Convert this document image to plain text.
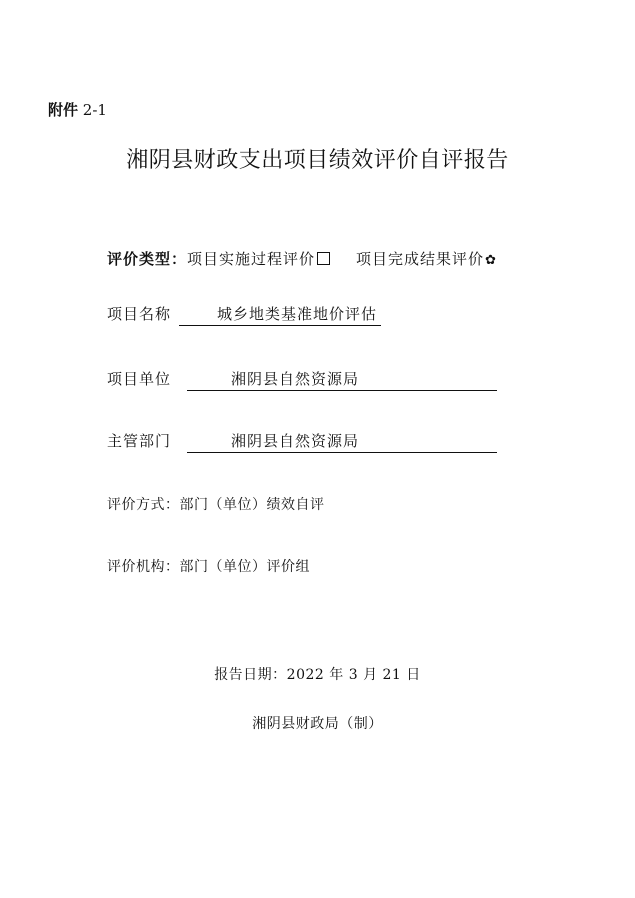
附件 2-1
湘阴县财政支出项目绩效评价自评报告
评价类型：项目实施过程评价	项目完成结果评价✿
项目名称	城乡地类基准地价评估
项目单位	湘阴县自然资源局
主管部门	湘阴县自然资源局
评价方式：部门（单位）绩效自评
评价机构：部门（单位）评价组
报告日期：2022 年 3 月 21 日
湘阴县财政局（制）
